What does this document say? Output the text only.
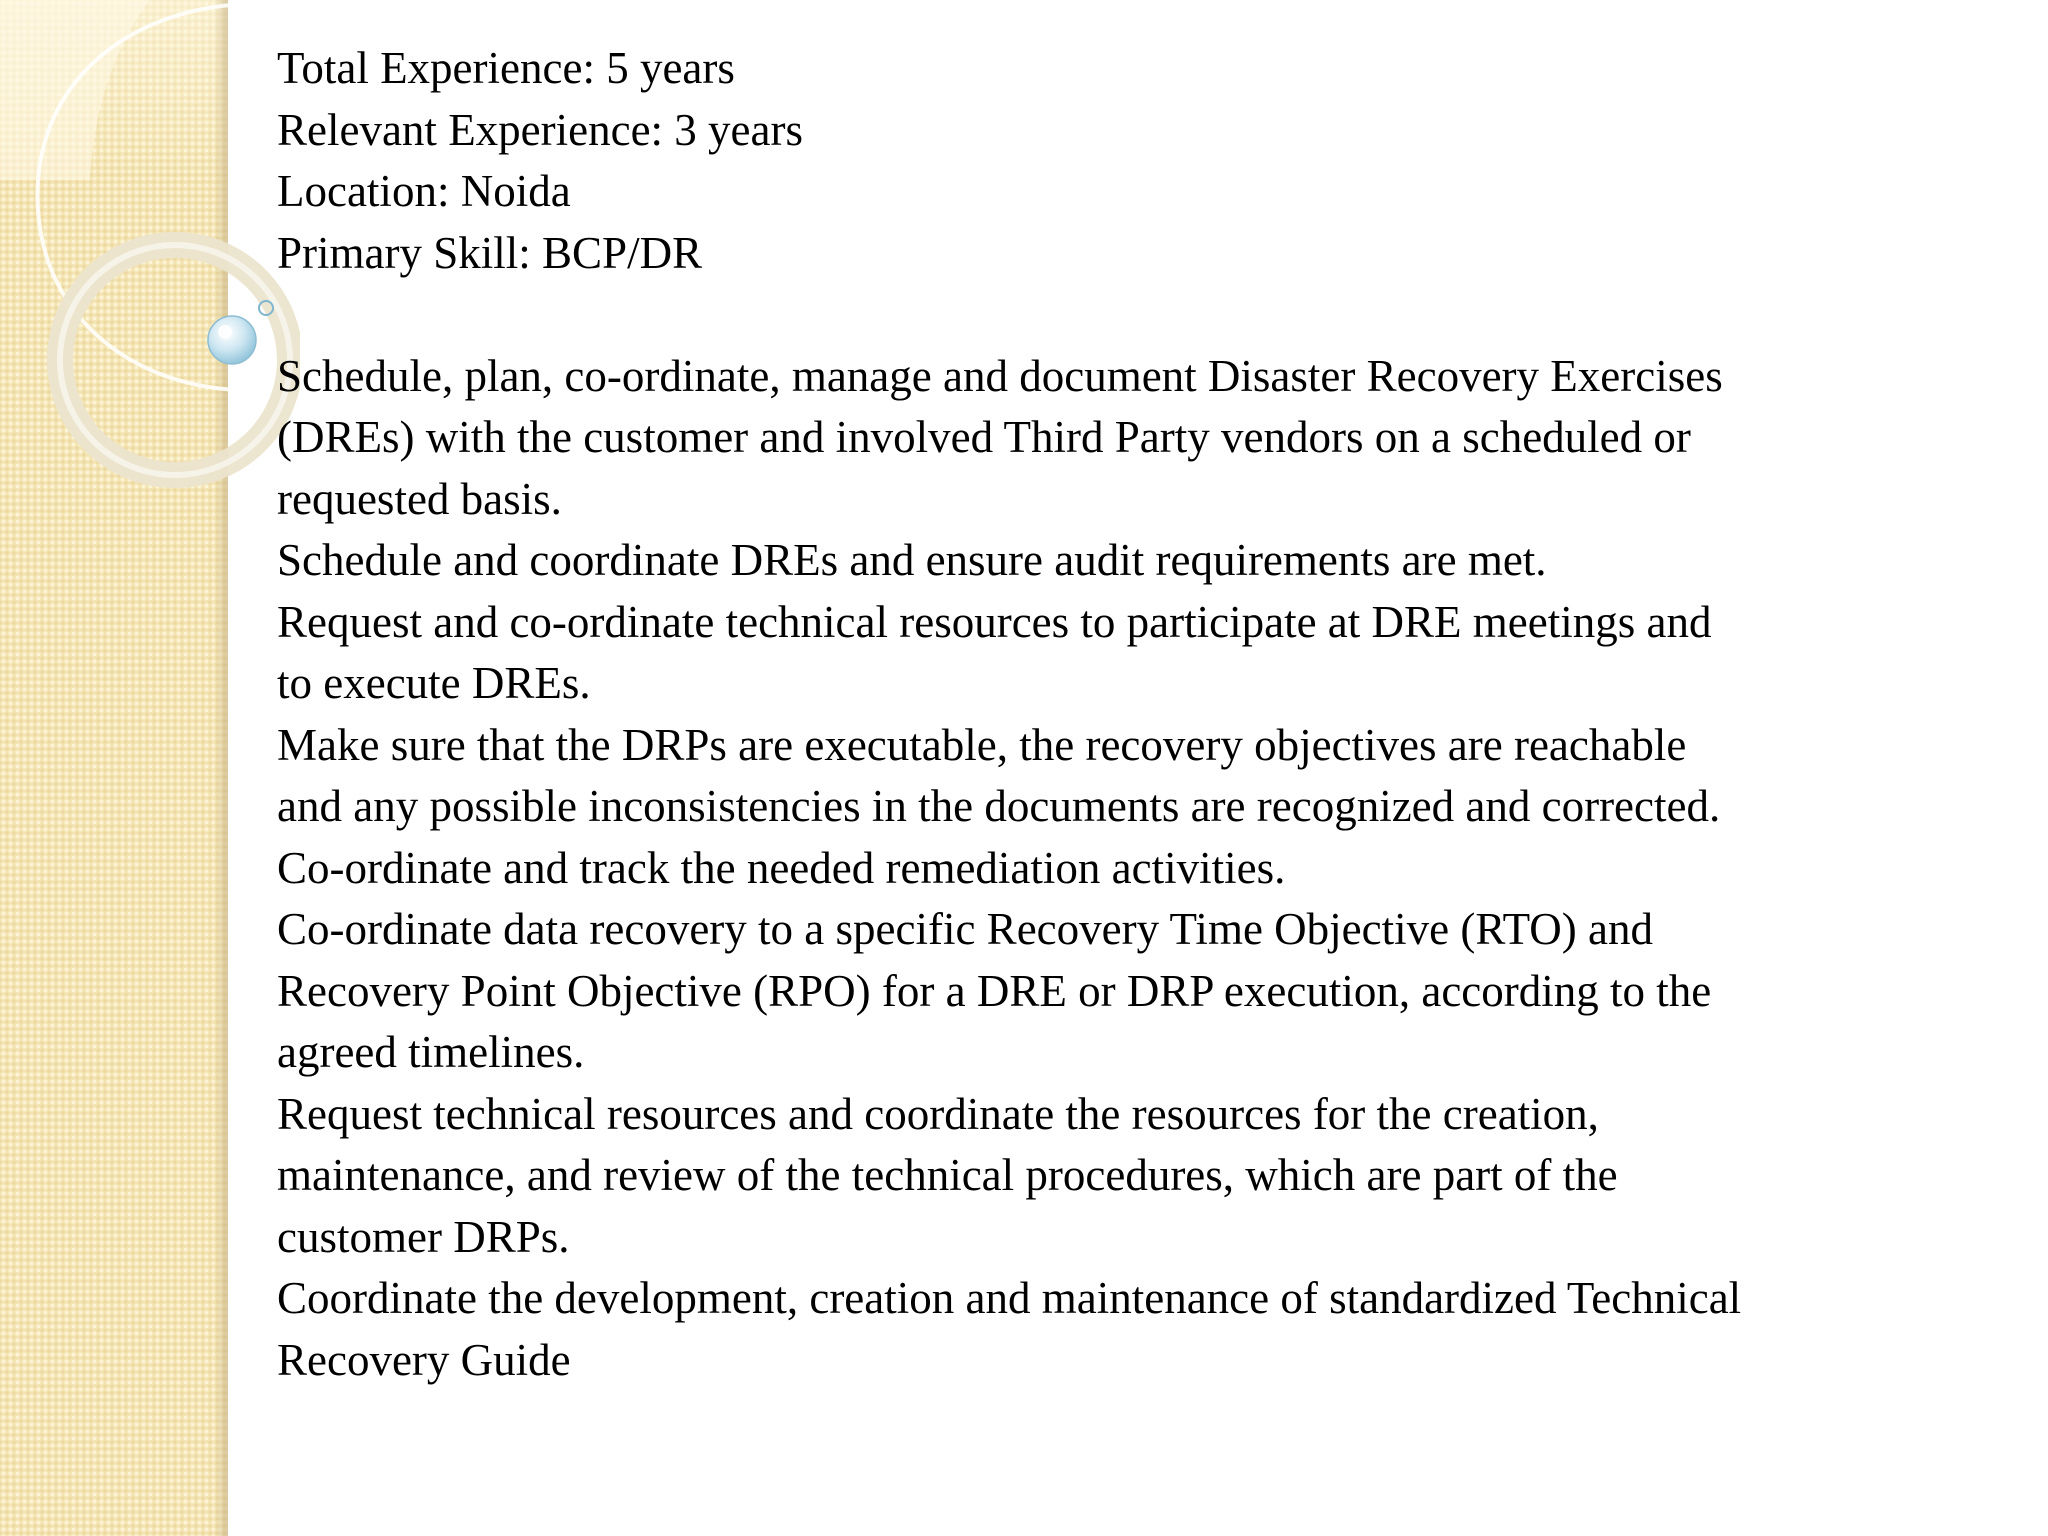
Total Experience: 5 years
Relevant Experience: 3 years
Location: Noida
Primary Skill: BCP/DR
Schedule, plan, co-ordinate, manage and document Disaster Recovery Exercises
(DREs) with the customer and involved Third Party vendors on a scheduled or
requested basis.
Schedule and coordinate DREs and ensure audit requirements are met.
Request and co-ordinate technical resources to participate at DRE meetings and
to execute DREs.
Make sure that the DRPs are executable, the recovery objectives are reachable
and any possible inconsistencies in the documents are recognized and corrected.
Co-ordinate and track the needed remediation activities.
Co-ordinate data recovery to a specific Recovery Time Objective (RTO) and
Recovery Point Objective (RPO) for a DRE or DRP execution, according to the
agreed timelines.
Request technical resources and coordinate the resources for the creation,
maintenance, and review of the technical procedures, which are part of the
customer DRPs.
Coordinate the development, creation and maintenance of standardized Technical
Recovery Guide
